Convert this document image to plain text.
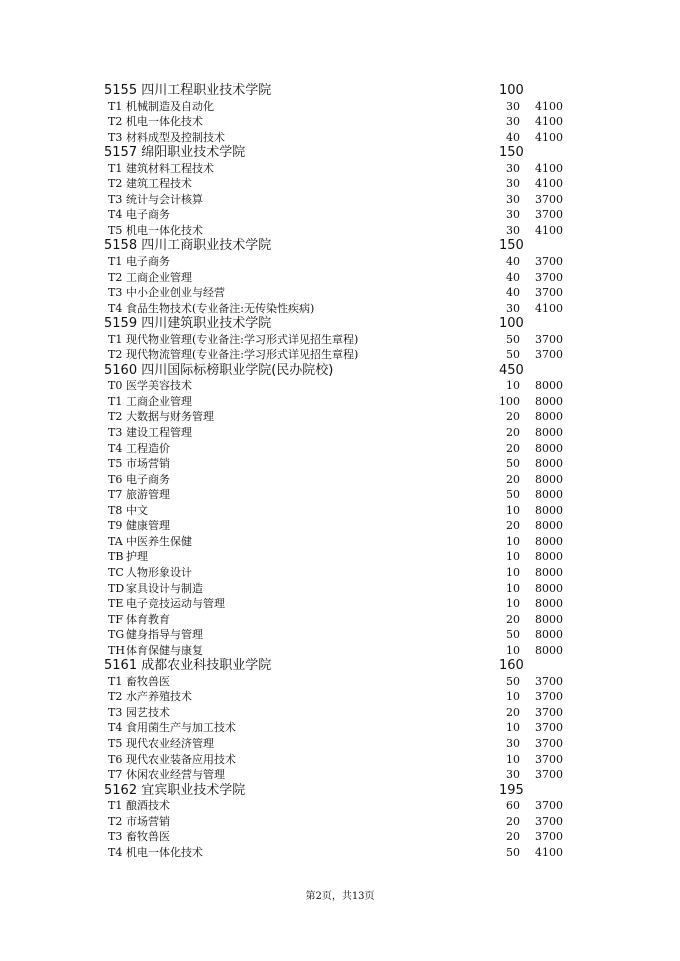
5155 四川工程职业技术学院	100
T1 机械制造及自动化	30 4100
T2 机电一体化技术	30 4100
T3 材料成型及控制技术	40 4100
5157 绵阳职业技术学院	150
T1 建筑材料工程技术	30 4100
T2 建筑工程技术	30 4100
T3 统计与会计核算	30 3700
T4 电子商务	30 3700
T5 机电一体化技术	30 4100
5158 四川工商职业技术学院	150
T1 电子商务	40 3700
T2 工商企业管理	40 3700
T3 中小企业创业与经营	40 3700
T4 食品生物技术(专业备注:无传染性疾病)	30 4100
5159 四川建筑职业技术学院	100
T1 现代物业管理(专业备注:学习形式详见招生章程)	50 3700
T2 现代物流管理(专业备注:学习形式详见招生章程)	50 3700
5160 四川国际标榜职业学院(民办院校)	450
T0 医学美容技术	10 8000
T1 工商企业管理	100 8000
T2 大数据与财务管理	20 8000
T3 建设工程管理	20 8000
T4 工程造价	20 8000
T5 市场营销	50 8000
T6 电子商务	20 8000
T7 旅游管理	50 8000
T8 中文	10 8000
T9 健康管理	20 8000
TA 中医养生保健	10 8000
TB 护理	10 8000
TC 人物形象设计	10 8000
TD 家具设计与制造	10 8000
TE 电子竞技运动与管理	10 8000
TF 体育教育	20 8000
TG 健身指导与管理	50 8000
TH 体育保健与康复	10 8000
5161 成都农业科技职业学院	160
T1 畜牧兽医	50 3700
T2 水产养殖技术	10 3700
T3 园艺技术	20 3700
T4 食用菌生产与加工技术	10 3700
T5 现代农业经济管理	30 3700
T6 现代农业装备应用技术	10 3700
T7 休闲农业经营与管理	30 3700
5162 宜宾职业技术学院	195
T1 酿酒技术	60 3700
T2 市场营销	20 3700
T3 畜牧兽医	20 3700
T4 机电一体化技术	50 4100
第2页，共13页
